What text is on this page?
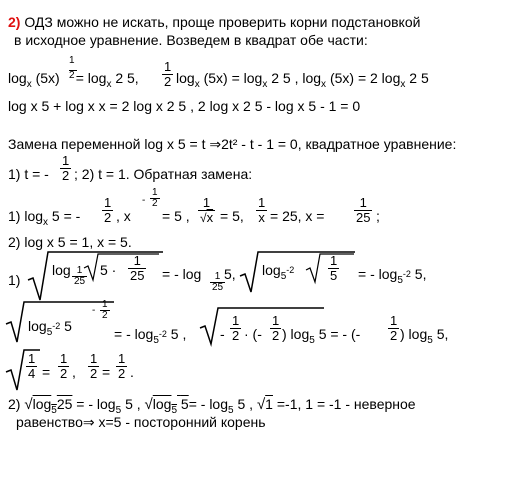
2) ОДЗ можно не искать, проще проверить корни подстановкой
в исходное уравнение. Возведем в квадрат обе части:
1
2
$\log_x (5x) = \log_x 2$ 5, $\frac{1}{2} \log_x (5x) = \log_x 2$ 5 , $\log_x (5x) = 2$ $\log_x 2$ 5
log x 5 + log x x = 2 log x 2 5 , 2 log x 2 5 - log x 5 - 1 = 0
Замена переменной log x 5 = t ⇒2t² - t - 1 = 0, квадратное уравнение:
1) t = - $\frac{1}{2}$ ; 2) t = 1. Обратная замена:
1) $\log_x 5$ = - $\frac{1}{2}$ , x
- $\frac{1}{2}$
= 5 , $\frac{1}{√x} = 5$, $\frac{1}{x} = 25$, $x = \frac{1}{25}$ ;
2) log x 5 = 1, x = 5.
1)
$\log \frac{1}{25} 5 \cdot \frac{1}{25}$ = - $\log \frac{1}{25}$
5, $\log_5-2$	$\frac{1}{5}$ = - $\log_5-2$ 5,
$\log_5-2$ 5
- $\frac{1}{2}$
= - $\log_5-2$ 5 , - $\frac{1}{2}$ · (- $\frac{1}{2}$ ) $\log_5 5$ = - (- $\frac{1}{2}$ ) $\log_5 5$,
$\frac{1}{4} = \frac{1}{2}$ , $\frac{1}{2} = \frac{1}{2}$ .
2) $√\log_525$ = - $\log_5 5$ , $√\log_5$ $5= - \log_5 5$ , √1 =-1, 1 = -1 - неверное
равенство⇒ x=5 - посторонний корень
